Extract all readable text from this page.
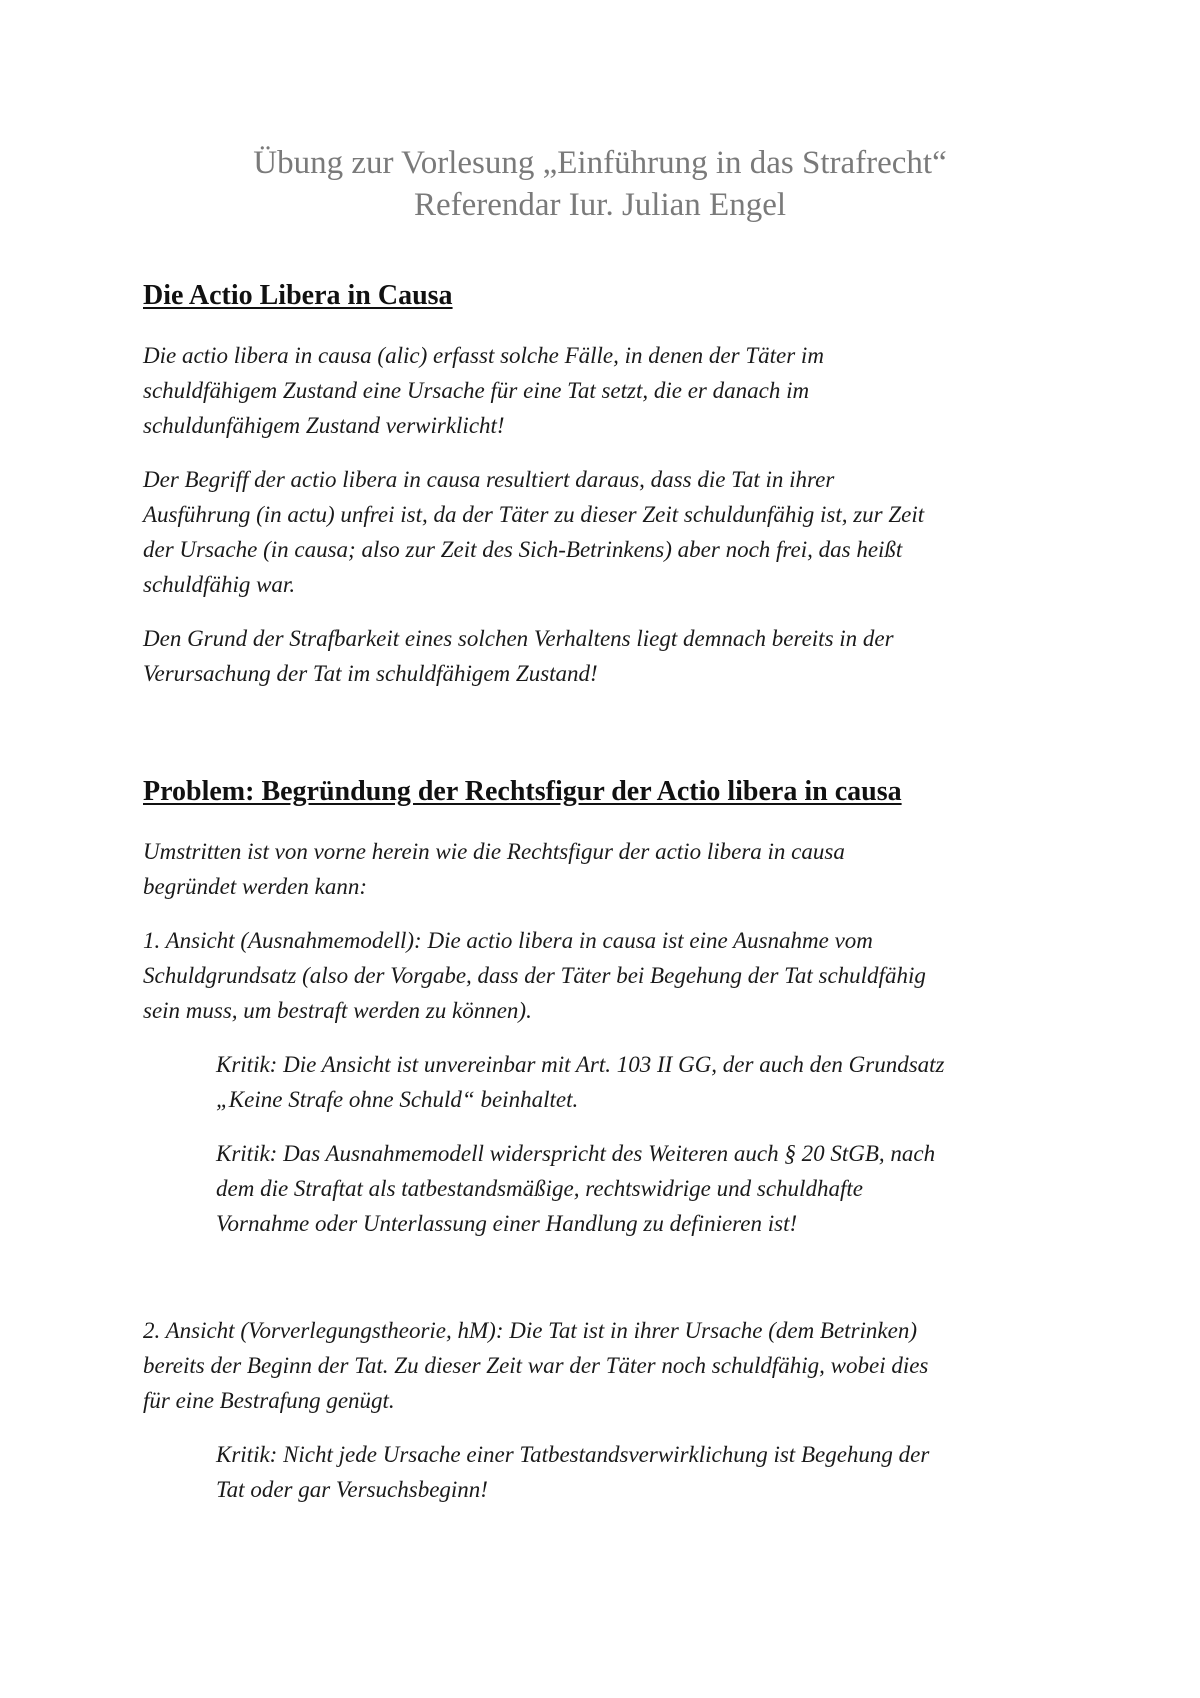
Übung zur Vorlesung „Einführung in das Strafrecht“
Referendar Iur. Julian Engel
Die Actio Libera in Causa

Die actio libera in causa (alic) erfasst solche Fälle, in denen der Täter im
schuldfähigem Zustand eine Ursache für eine Tat setzt, die er danach im
schuldunfähigem Zustand verwirklicht!

Der Begriff der actio libera in causa resultiert daraus, dass die Tat in ihrer
Ausführung (in actu) unfrei ist, da der Täter zu dieser Zeit schuldunfähig ist, zur Zeit
der Ursache (in causa; also zur Zeit des Sich-Betrinkens) aber noch frei, das heißt
schuldfähig war.

Den Grund der Strafbarkeit eines solchen Verhaltens liegt demnach bereits in der
Verursachung der Tat im schuldfähigem Zustand!

Problem: Begründung der Rechtsfigur der Actio libera in causa

Umstritten ist von vorne herein wie die Rechtsfigur der actio libera in causa
begründet werden kann:

1. Ansicht (Ausnahmemodell): Die actio libera in causa ist eine Ausnahme vom
Schuldgrundsatz (also der Vorgabe, dass der Täter bei Begehung der Tat schuldfähig
sein muss, um bestraft werden zu können).

Kritik: Die Ansicht ist unvereinbar mit Art. 103 II GG, der auch den Grundsatz
„Keine Strafe ohne Schuld“ beinhaltet.

Kritik: Das Ausnahmemodell widerspricht des Weiteren auch § 20 StGB, nach
dem die Straftat als tatbestandsmäßige, rechtswidrige und schuldhafte
Vornahme oder Unterlassung einer Handlung zu definieren ist!

2. Ansicht (Vorverlegungstheorie, hM): Die Tat ist in ihrer Ursache (dem Betrinken)
bereits der Beginn der Tat. Zu dieser Zeit war der Täter noch schuldfähig, wobei dies
für eine Bestrafung genügt.

Kritik: Nicht jede Ursache einer Tatbestandsverwirklichung ist Begehung der
Tat oder gar Versuchsbeginn!
